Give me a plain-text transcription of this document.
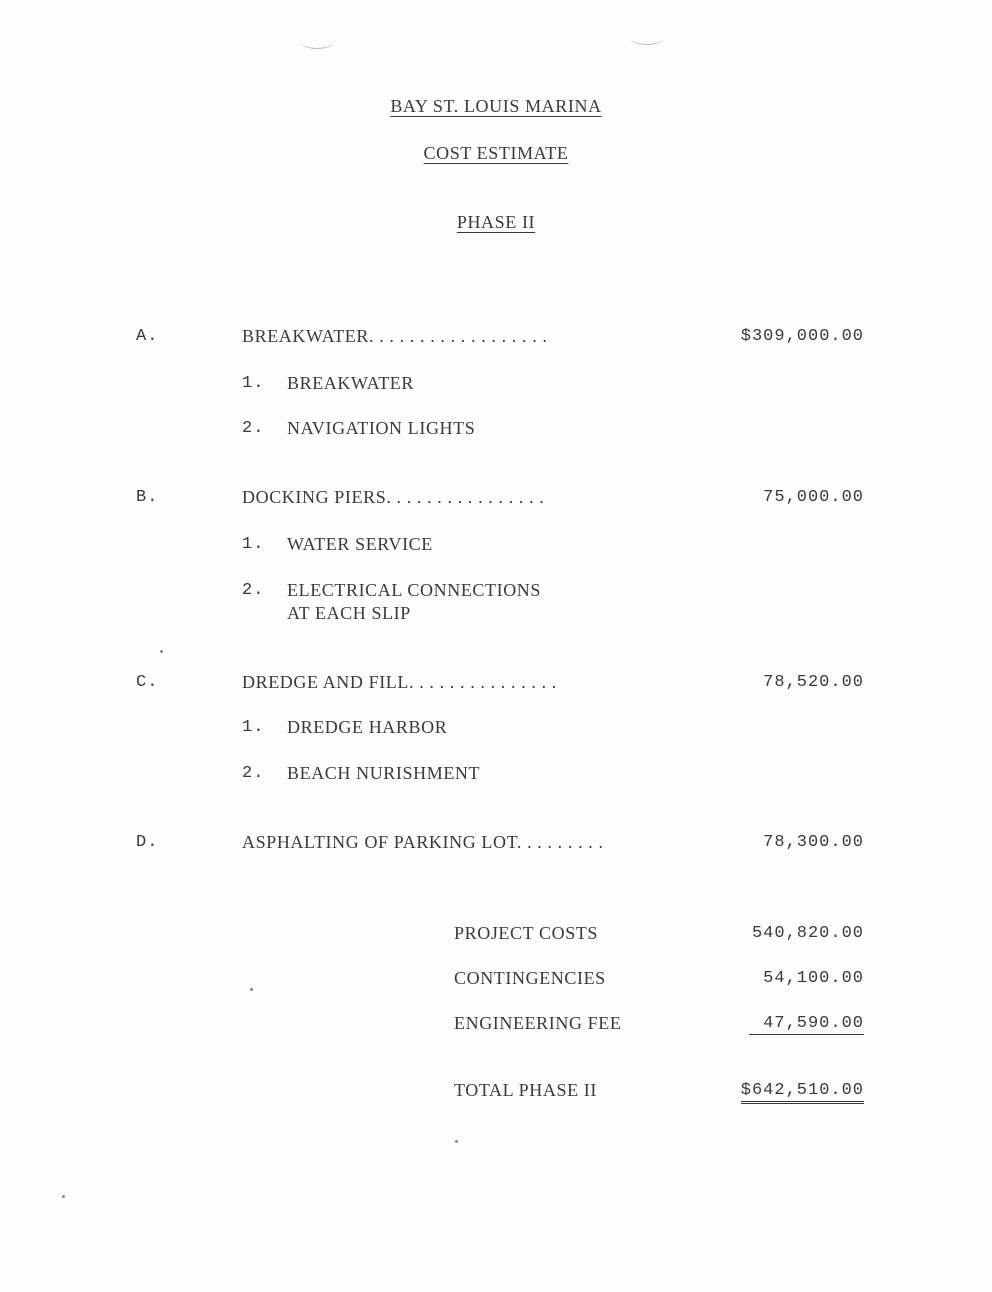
BAY ST. LOUIS MARINA
COST ESTIMATE
PHASE II
A.	BREAKWATER. . . . . . . . . . . . . . . . . .	$309,000.00
1. BREAKWATER
2. NAVIGATION LIGHTS
B.	DOCKING PIERS. . . . . . . . . . . . . . . .	75,000.00
1. WATER SERVICE
2. ELECTRICAL CONNECTIONS
AT EACH SLIP
C.	DREDGE AND FILL. . . . . . . . . . . . . . .	78,520.00
1. DREDGE HARBOR
2. BEACH NURISHMENT
D.	ASPHALTING OF PARKING LOT. . . . . . . . .	78,300.00
PROJECT COSTS	540,820.00
CONTINGENCIES	54,100.00
ENGINEERING FEE	47,590.00
TOTAL PHASE II	$642,510.00
